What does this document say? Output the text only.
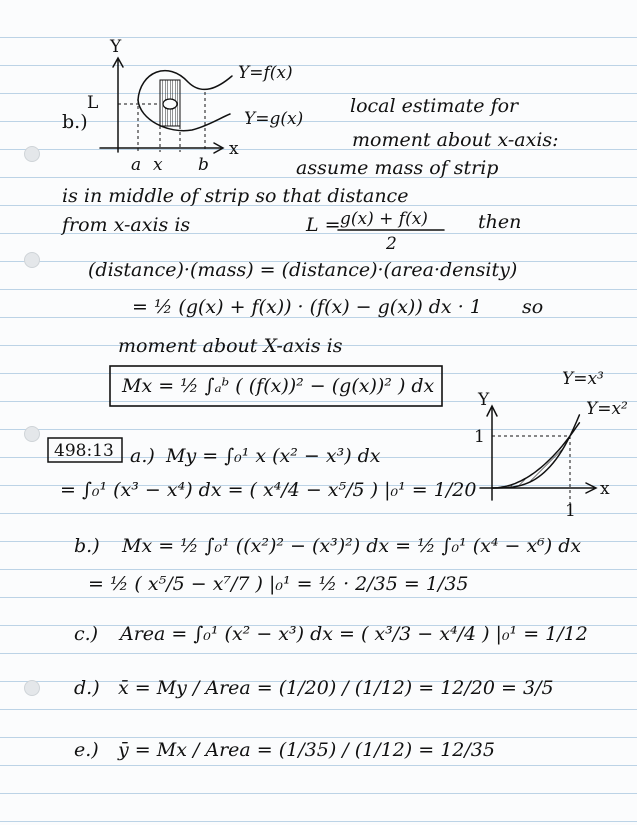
Y
x
Y=f(x)
Y=g(x)
L
a x b
b.)
local estimate for
moment about x-axis:
assume mass of strip
is in middle of strip so that distance
from x-axis is	L = g(x) + f(x)
2
then
(distance)·(mass) = (distance)·(area·density)
= ½ (g(x) + f(x)) · (f(x) − g(x)) dx · 1 so
moment about X-axis is
Mx = ½ ∫ₐᵇ ( (f(x))² − (g(x))² ) dx
498:13 a.) My = ∫₀¹ x (x² − x³) dx
= ∫₀¹ (x³ − x⁴) dx = ( x⁴/4 − x⁵/5 ) |₀¹ = 1/20
b.) Mx = ½ ∫₀¹ ((x²)² − (x³)²) dx = ½ ∫₀¹ (x⁴ − x⁶) dx
= ½ ( x⁵/5 − x⁷/7 ) |₀¹ = ½ · 2/35 = 1/35
c.) Area = ∫₀¹ (x² − x³) dx = ( x³/3 − x⁴/4 ) |₀¹ = 1/12
d.) x̄ = My / Area = (1/20) / (1/12) = 12/20 = 3/5
e.) ȳ = Mx / Area = (1/35) / (1/12) = 12/35
Y
x
1
1
Y=x³
Y=x²
